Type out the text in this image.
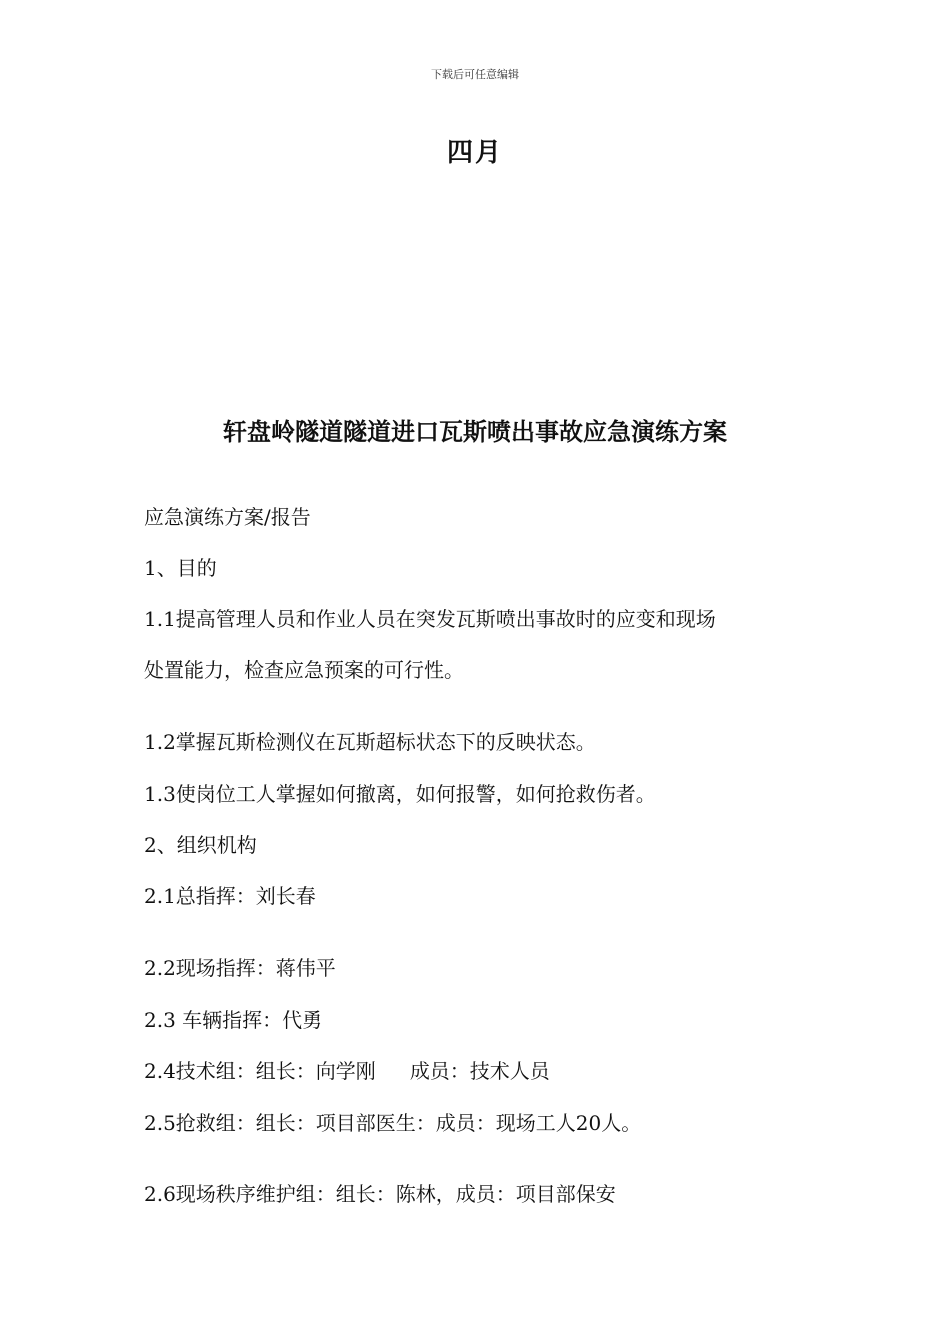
下载后可任意编辑
四月
轩盘岭隧道隧道进口瓦斯喷出事故应急演练方案
应急演练方案/报告
1、目的
1.1提高管理人员和作业人员在突发瓦斯喷出事故时的应变和现场
处置能力，检查应急预案的可行性。
1.2掌握瓦斯检测仪在瓦斯超标状态下的反映状态。
1.3使岗位工人掌握如何撤离，如何报警，如何抢救伤者。
2、组织机构
2.1总指挥：刘长春
2.2现场指挥：蒋伟平
2.3 车辆指挥：代勇
2.4技术组：组长：向学刚 成员：技术人员
2.5抢救组：组长：项目部医生：成员：现场工人20人。
2.6现场秩序维护组：组长：陈林，成员：项目部保安
